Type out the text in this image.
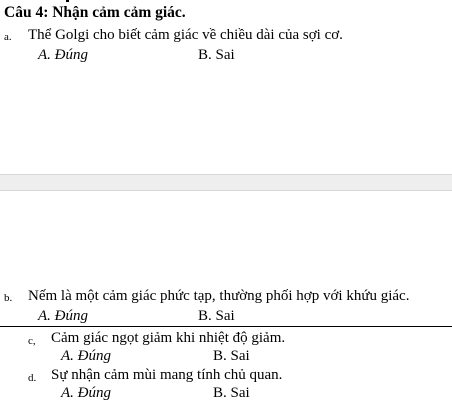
Câu 4: Nhận cảm cảm giác.
a. Thể Golgi cho biết cảm giác về chiều dài của sợi cơ.
A. Đúng	B. Sai
b. Nếm là một cảm giác phức tạp, thường phối hợp với khứu giác.
A. Đúng	B. Sai
c, Cảm giác ngọt giảm khi nhiệt độ giảm.
A. Đúng	B. Sai
d. Sự nhận cảm mùi mang tính chủ quan.
A. Đúng	B. Sai
